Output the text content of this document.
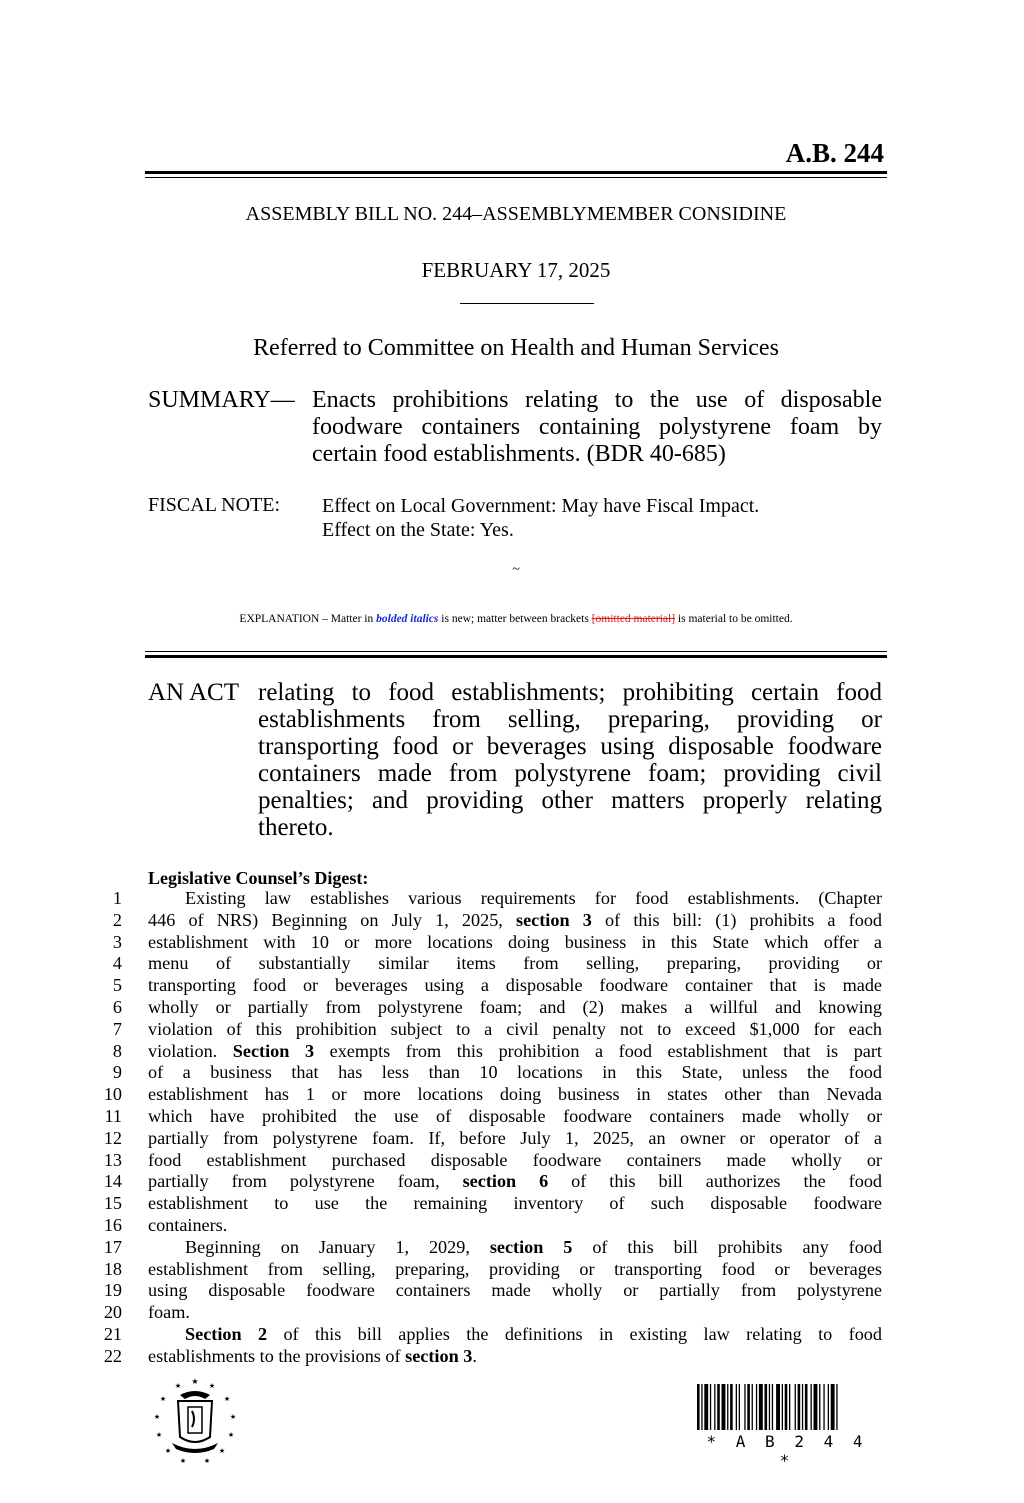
A.B. 244
ASSEMBLY BILL NO. 244–ASSEMBLYMEMBER CONSIDINE
FEBRUARY 17, 2025
Referred to Committee on Health and Human Services
SUMMARY— Enacts prohibitions relating to the use of disposable foodware containers containing polystyrene foam by certain food establishments. (BDR 40-685)
FISCAL NOTE: Effect on Local Government: May have Fiscal Impact.
Effect on the State: Yes.
~
EXPLANATION – Matter in bolded italics is new; matter between brackets [omitted material] is material to be omitted.
AN ACT relating to food establishments; prohibiting certain food establishments from selling, preparing, providing or transporting food or beverages using disposable foodware containers made from polystyrene foam; providing civil penalties; and providing other matters properly relating thereto.
Legislative Counsel’s Digest:
1	Existing law establishes various requirements for food establishments. (Chapter
2 446 of NRS) Beginning on July 1, 2025, section 3 of this bill: (1) prohibits a food
3 establishment with 10 or more locations doing business in this State which offer a
4 menu of substantially similar items from selling, preparing, providing or
5 transporting food or beverages using a disposable foodware container that is made
6 wholly or partially from polystyrene foam; and (2) makes a willful and knowing
7 violation of this prohibition subject to a civil penalty not to exceed $1,000 for each
8 violation. Section 3 exempts from this prohibition a food establishment that is part
9 of a business that has less than 10 locations in this State, unless the food
10 establishment has 1 or more locations doing business in states other than Nevada
11 which have prohibited the use of disposable foodware containers made wholly or
12 partially from polystyrene foam. If, before July 1, 2025, an owner or operator of a
13 food establishment purchased disposable foodware containers made wholly or
14 partially from polystyrene foam, section 6 of this bill authorizes the food
15 establishment to use the remaining inventory of such disposable foodware
16 containers.
17	Beginning on January 1, 2029, section 5 of this bill prohibits any food
18 establishment from selling, preparing, providing or transporting food or beverages
19 using disposable foodware containers made wholly or partially from polystyrene
20 foam.
21	Section 2 of this bill applies the definitions in existing law relating to food
22 establishments to the provisions of section 3.
★
★	★
★	★
★	★
★	★
★	★
★	★
* A B 2 4 4 *
